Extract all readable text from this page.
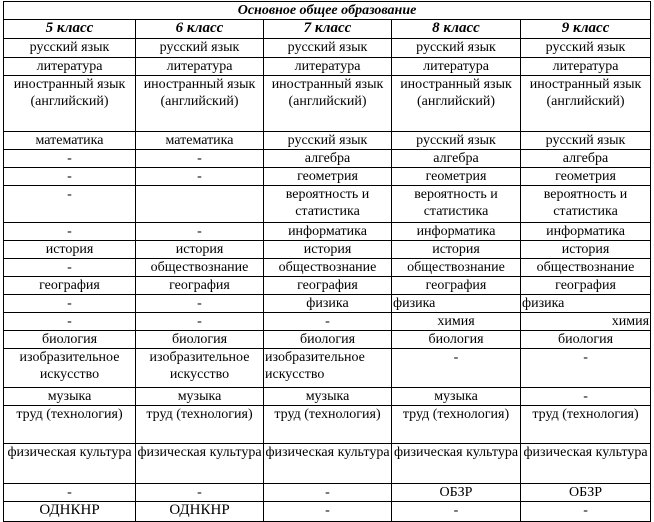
Основное общее образование				
5 класс	6 класс	7 класс	8 класс	9 класс
русский язык	русский язык	русский язык	русский язык	русский язык
литература	литература	литература	литература	литература
иностранный язык (английский)	иностранный язык (английский)	иностранный язык (английский)	иностранный язык (английский)	иностранный язык (английский)
математика	математика	русский язык	русский язык	русский язык
-	-	алгебра	алгебра	алгебра
-	-	геометрия	геометрия	геометрия
-		вероятность и статистика	вероятность и статистика	вероятность и статистика
-	-	информатика	информатика	информатика
история	история	история	история	история
-	обществознание	обществознание	обществознание	обществознание
география	география	география	география	география
-	-	физика	физика	физика
-	-	-	химия	химия
биология	биология	биология	биология	биология
изобразительное искусство	изобразительное искусство	изобразительное искусство	-	-
музыка	музыка	музыка	музыка	-
труд (технология)	труд (технология)	труд (технология)	труд (технология)	труд (технология)
физическая культура	физическая культура	физическая культура	физическая культура	физическая культура
-	-	-	ОБЗР	ОБЗР
ОДНКНР	ОДНКНР	-	-	-
